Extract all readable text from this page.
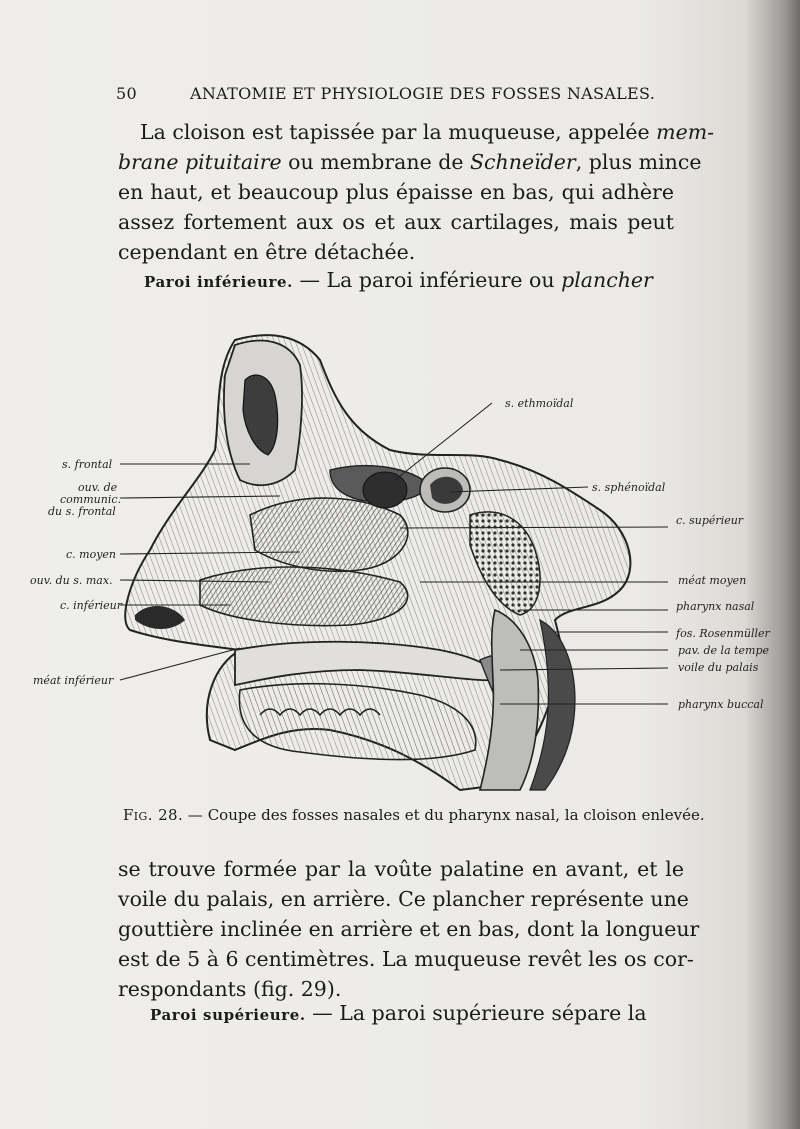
50	ANATOMIE ET PHYSIOLOGIE DES FOSSES NASALES.
La cloison est tapissée par la muqueuse, appelée mem-
brane pituitaire ou membrane de Schneïder, plus mince
en haut, et beaucoup plus épaisse en bas, qui adhère
assez fortement aux os et aux cartilages, mais peut
cependant en être détachée.
Paroi inférieure. — La paroi inférieure ou plancher
s. ethmoïdal
s. frontal
ouv. de
communic.
du s. frontal
s. sphénoïdal
c. supérieur
c. moyen
ouv. du s. max.
c. inférieur
méat moyen
pharynx nasal
fos. Rosenmüller
pav. de la tempe
voile du palais
méat inférieur
pharynx buccal
Fig. 28. — Coupe des fosses nasales et du pharynx nasal, la cloison enlevée.
se trouve formée par la voûte palatine en avant, et le
voile du palais, en arrière. Ce plancher représente une
gouttière inclinée en arrière et en bas, dont la longueur
est de 5 à 6 centimètres. La muqueuse revêt les os cor-
respondants (fig. 29).
Paroi supérieure. — La paroi supérieure sépare la
